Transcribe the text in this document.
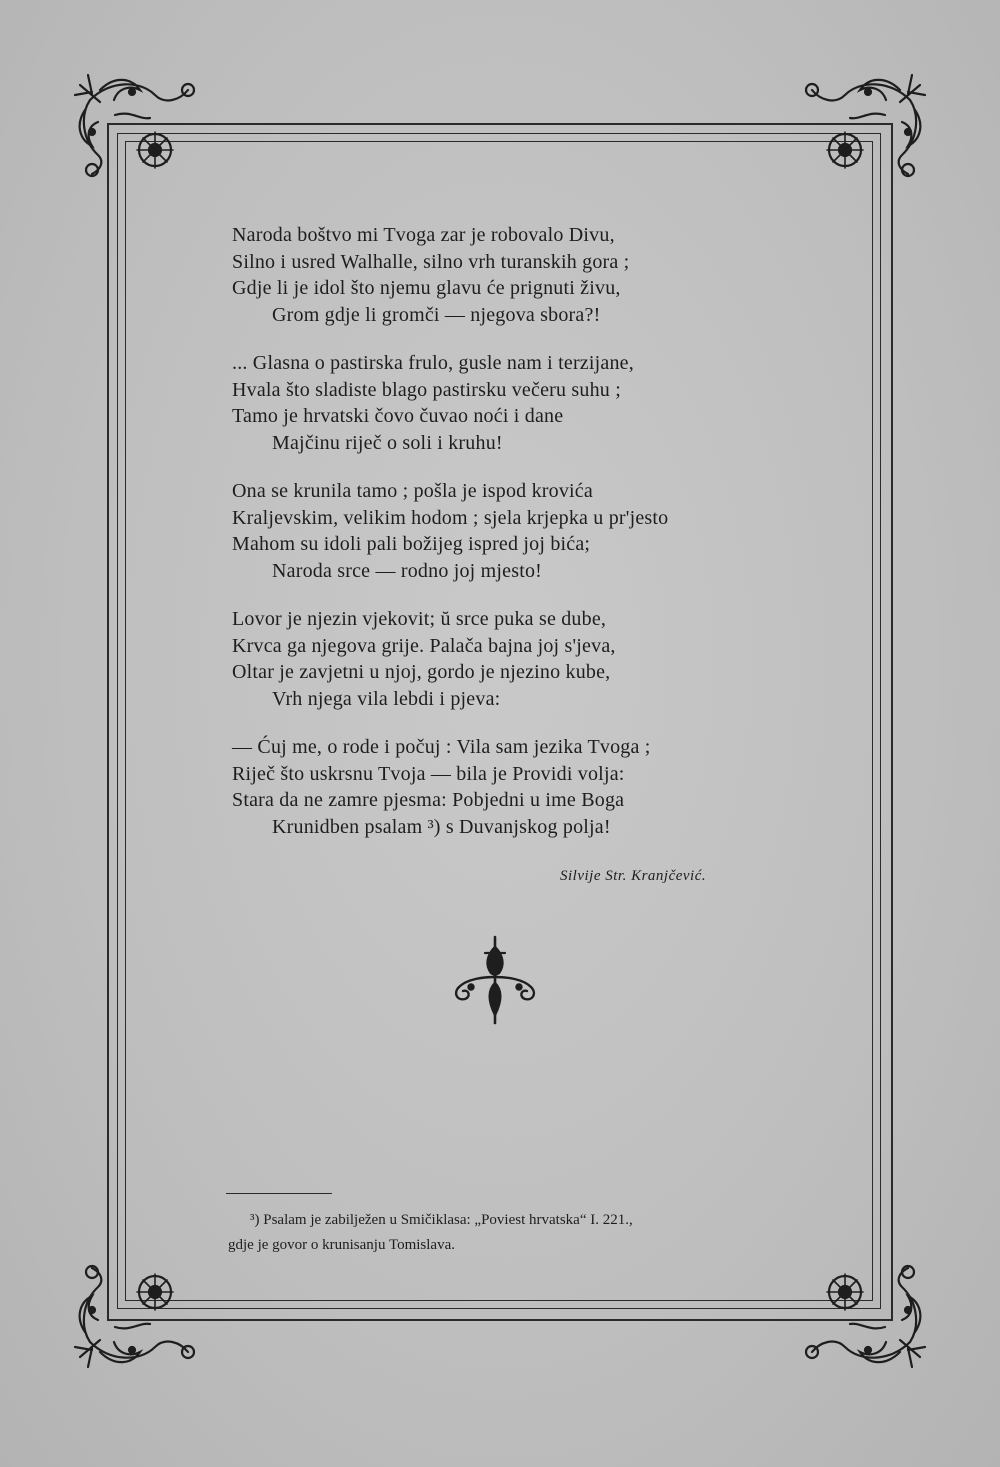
Naroda boštvo mi Tvoga zar je robovalo Divu,
Silno i usred Walhalle, silno vrh turanskih gora ;
Gdje li je idol što njemu glavu će prignuti živu,
Grom gdje li gromči — njegova sbora?!
... Glasna o pastirska frulo, gusle nam i terzijane,
Hvala što sladiste blago pastirsku večeru suhu ;
Tamo je hrvatski čovo čuvao noći i dane
Majčinu riječ o soli i kruhu!
Ona se krunila tamo ; pošla je ispod krovića
Kraljevskim, velikim hodom ; sjela krjepka u pr'jesto
Mahom su idoli pali božijeg ispred joj bića;
Naroda srce — rodno joj mjesto!
Lovor je njezin vjekovit; ŭ srce puka se dube,
Krvca ga njegova grije. Palača bajna joj s'jeva,
Oltar je zavjetni u njoj, gordo je njezino kube,
Vrh njega vila lebdi i pjeva:
— Ćuj me, o rode i počuj : Vila sam jezika Tvoga ;
Riječ što uskrsnu Tvoja — bila je Providi volja:
Stara da ne zamre pjesma: Pobjedni u ime Boga
Krunidben psalam ³) s Duvanjskog polja!
Silvije Str. Kranjčević.
³) Psalam je zabilježen u Smičiklasa: „Poviest hrvatska“ I. 221.,
gdje je govor o krunisanju Tomislava.
